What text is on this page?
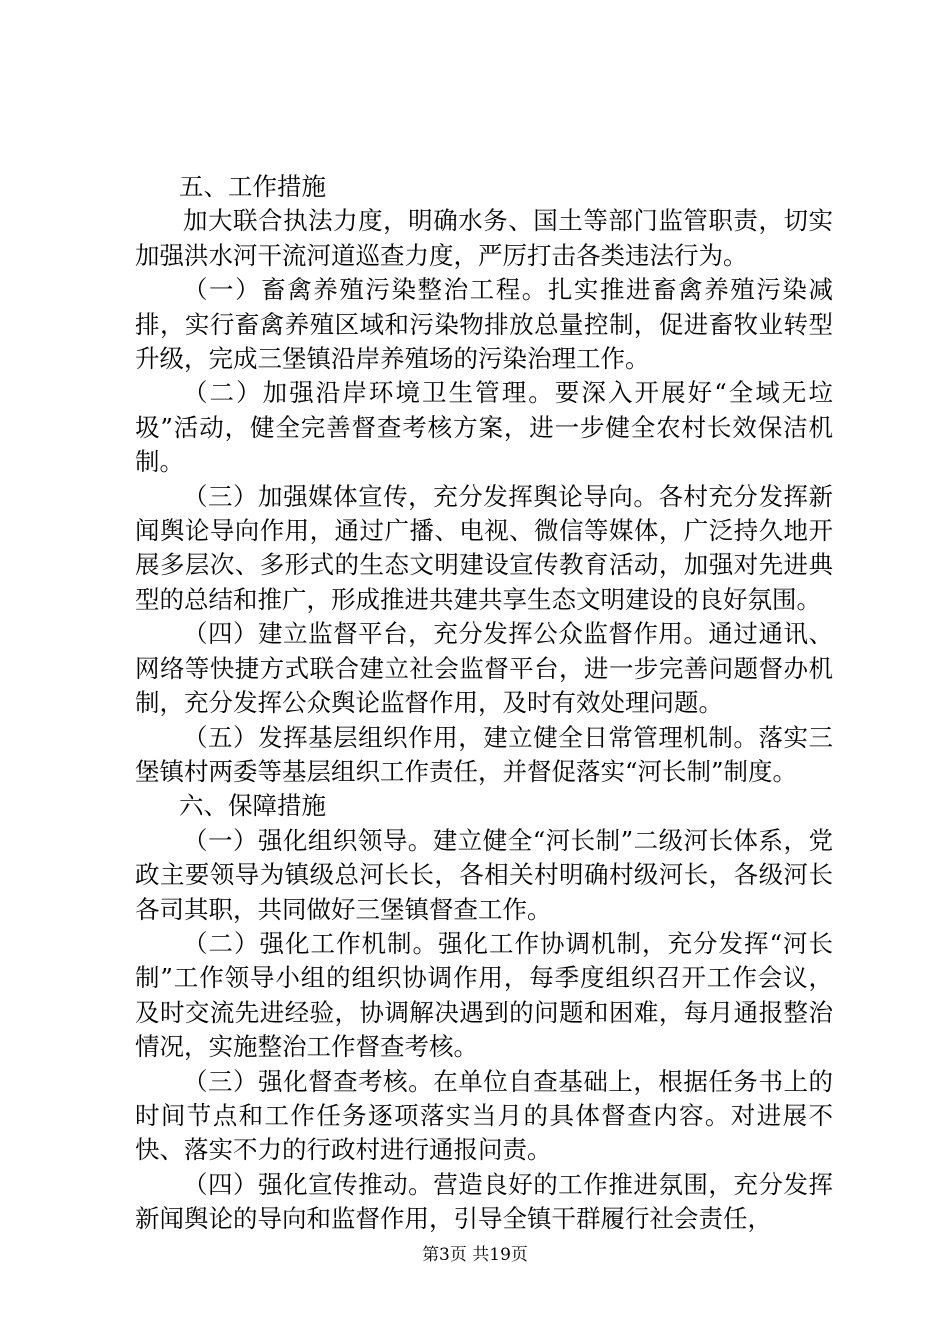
五、工作措施

加大联合执法力度，明确水务、国土等部门监管职责，切实加强洪水河干流河道巡查力度，严厉打击各类违法行为。

（一）畜禽养殖污染整治工程。扎实推进畜禽养殖污染减排，实行畜禽养殖区域和污染物排放总量控制，促进畜牧业转型升级，完成三堡镇沿岸养殖场的污染治理工作。

（二）加强沿岸环境卫生管理。要深入开展好“全域无垃圾”活动，健全完善督查考核方案，进一步健全农村长效保洁机制。

（三）加强媒体宣传，充分发挥舆论导向。各村充分发挥新闻舆论导向作用，通过广播、电视、微信等媒体，广泛持久地开展多层次、多形式的生态文明建设宣传教育活动，加强对先进典型的总结和推广，形成推进共建共享生态文明建设的良好氛围。

（四）建立监督平台，充分发挥公众监督作用。通过通讯、网络等快捷方式联合建立社会监督平台，进一步完善问题督办机制，充分发挥公众舆论监督作用，及时有效处理问题。

（五）发挥基层组织作用，建立健全日常管理机制。落实三堡镇村两委等基层组织工作责任，并督促落实“河长制”制度。

六、保障措施

（一）强化组织领导。建立健全“河长制”二级河长体系，党政主要领导为镇级总河长长，各相关村明确村级河长，各级河长各司其职，共同做好三堡镇督查工作。

（二）强化工作机制。强化工作协调机制，充分发挥“河长制”工作领导小组的组织协调作用，每季度组织召开工作会议，及时交流先进经验，协调解决遇到的问题和困难，每月通报整治情况，实施整治工作督查考核。

（三）强化督查考核。在单位自查基础上，根据任务书上的时间节点和工作任务逐项落实当月的具体督查内容。对进展不快、落实不力的行政村进行通报问责。

（四）强化宣传推动。营造良好的工作推进氛围，充分发挥新闻舆论的导向和监督作用，引导全镇干群履行社会责任，

第3页 共19页
